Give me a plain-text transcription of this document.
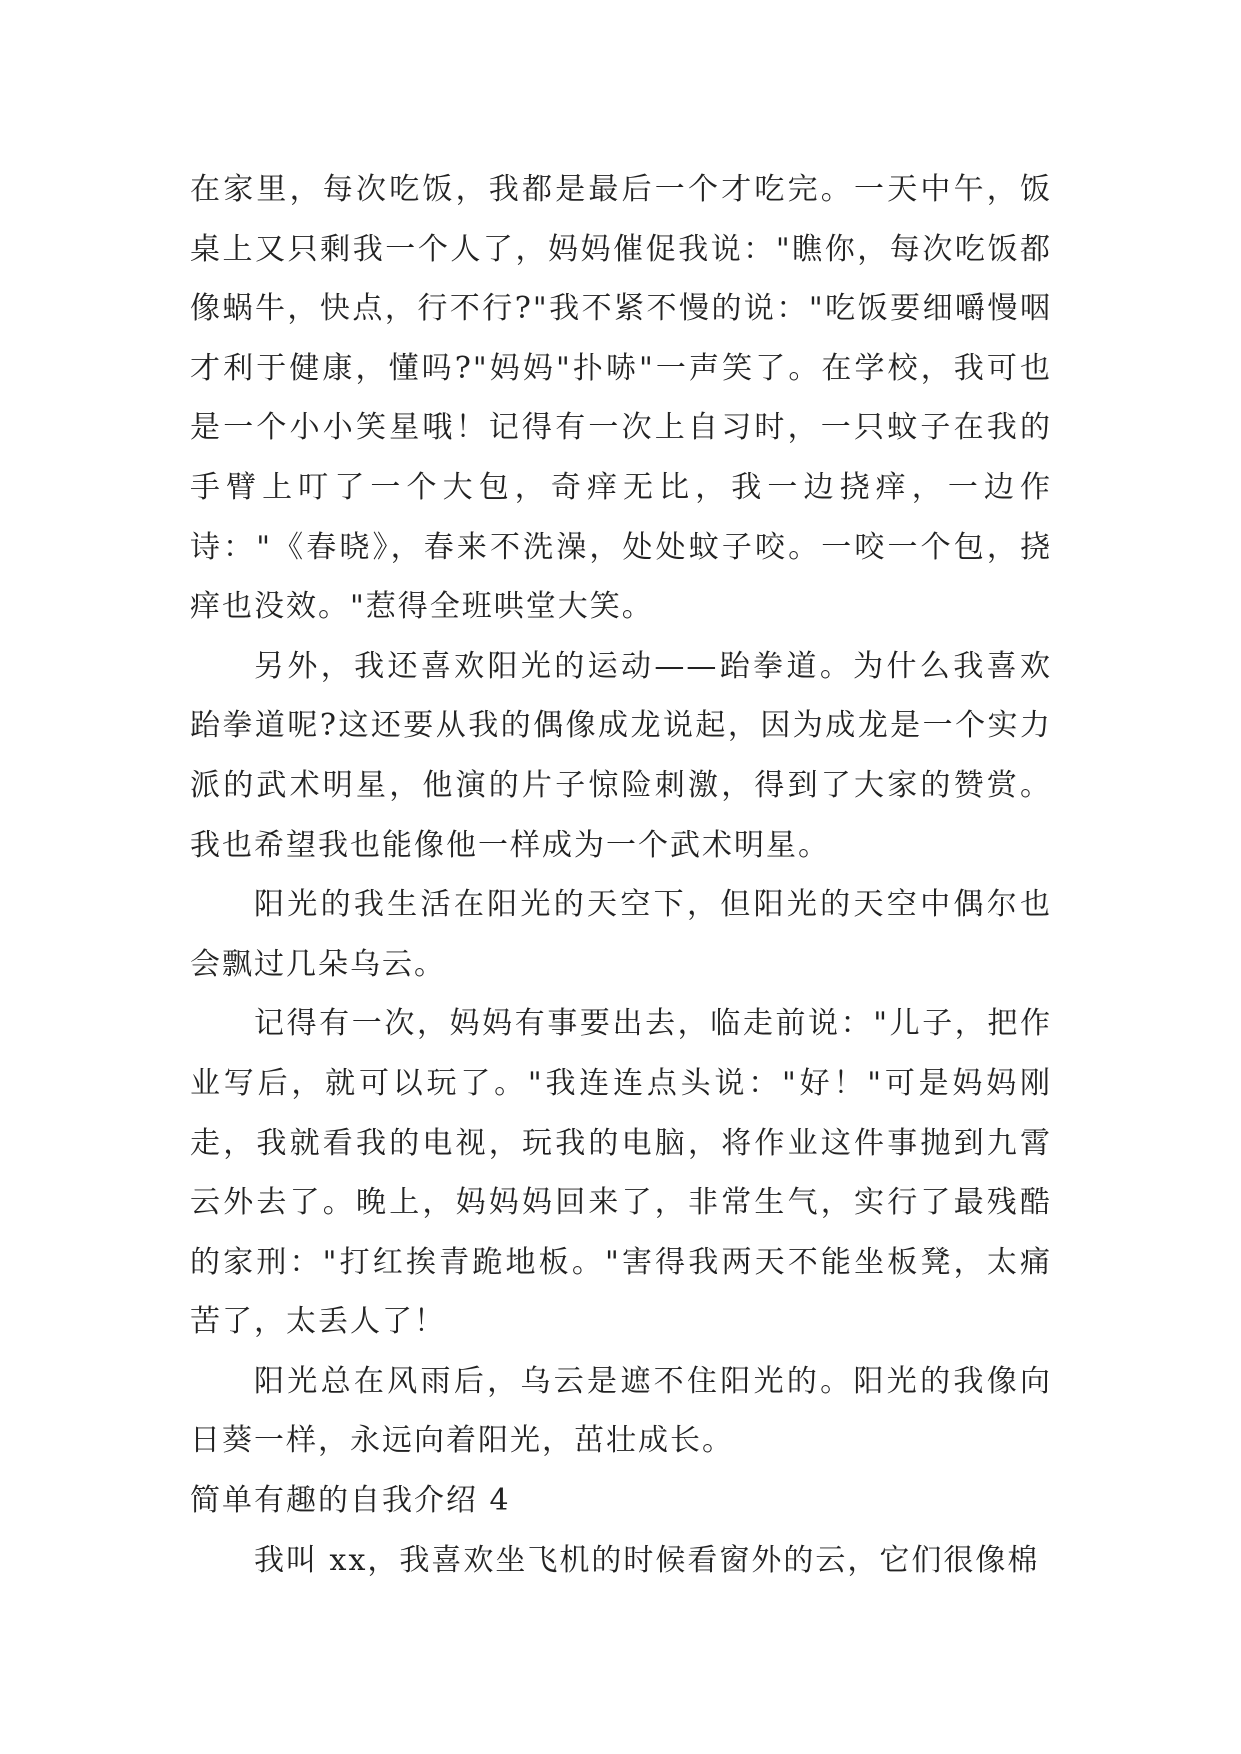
在家里，每次吃饭，我都是最后一个才吃完。一天中午，饭桌上又只剩我一个人了，妈妈催促我说："瞧你，每次吃饭都像蜗牛，快点，行不行?"我不紧不慢的说："吃饭要细嚼慢咽才利于健康，懂吗?"妈妈"扑哧"一声笑了。在学校，我可也是一个小小笑星哦！记得有一次上自习时，一只蚊子在我的手臂上叮了一个大包，奇痒无比，我一边挠痒，一边作诗："《春晓》，春来不洗澡，处处蚊子咬。一咬一个包，挠痒也没效。"惹得全班哄堂大笑。

另外，我还喜欢阳光的运动——跆拳道。为什么我喜欢跆拳道呢?这还要从我的偶像成龙说起，因为成龙是一个实力派的武术明星，他演的片子惊险刺激，得到了大家的赞赏。我也希望我也能像他一样成为一个武术明星。

阳光的我生活在阳光的天空下，但阳光的天空中偶尔也会飘过几朵乌云。

记得有一次，妈妈有事要出去，临走前说："儿子，把作业写后，就可以玩了。"我连连点头说："好！"可是妈妈刚走，我就看我的电视，玩我的电脑，将作业这件事抛到九霄云外去了。晚上，妈妈妈回来了，非常生气，实行了最残酷的家刑："打红挨青跪地板。"害得我两天不能坐板凳，太痛苦了，太丢人了！

阳光总在风雨后，乌云是遮不住阳光的。阳光的我像向日葵一样，永远向着阳光，茁壮成长。

简单有趣的自我介绍 4

我叫 xx，我喜欢坐飞机的时候看窗外的云，它们很像棉
